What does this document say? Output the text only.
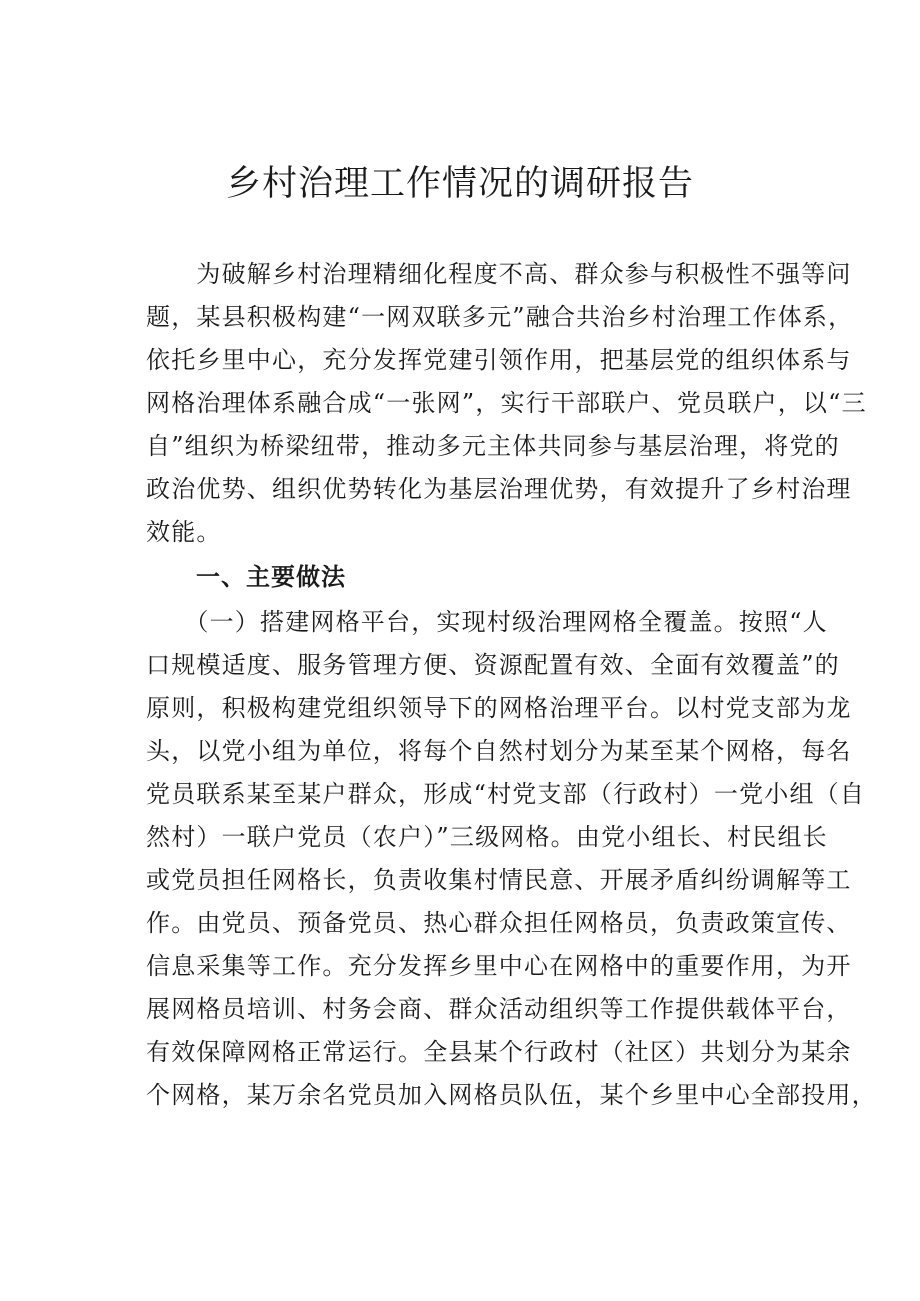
乡村治理工作情况的调研报告
　　为破解乡村治理精细化程度不高、群众参与积极性不强等问
题，某县积极构建“一网双联多元”融合共治乡村治理工作体系，
依托乡里中心，充分发挥党建引领作用，把基层党的组织体系与
网格治理体系融合成“一张网”，实行干部联户、党员联户，以“三
自”组织为桥梁纽带，推动多元主体共同参与基层治理，将党的
政治优势、组织优势转化为基层治理优势，有效提升了乡村治理
效能。
　　一、主要做法
　　（一）搭建网格平台，实现村级治理网格全覆盖。按照“人
口规模适度、服务管理方便、资源配置有效、全面有效覆盖”的
原则，积极构建党组织领导下的网格治理平台。以村党支部为龙
头，以党小组为单位，将每个自然村划分为某至某个网格，每名
党员联系某至某户群众，形成“村党支部（行政村）一党小组（自
然村）一联户党员（农户）”三级网格。由党小组长、村民组长
或党员担任网格长，负责收集村情民意、开展矛盾纠纷调解等工
作。由党员、预备党员、热心群众担任网格员，负责政策宣传、
信息采集等工作。充分发挥乡里中心在网格中的重要作用，为开
展网格员培训、村务会商、群众活动组织等工作提供载体平台，
有效保障网格正常运行。全县某个行政村（社区）共划分为某余
个网格，某万余名党员加入网格员队伍，某个乡里中心全部投用，
